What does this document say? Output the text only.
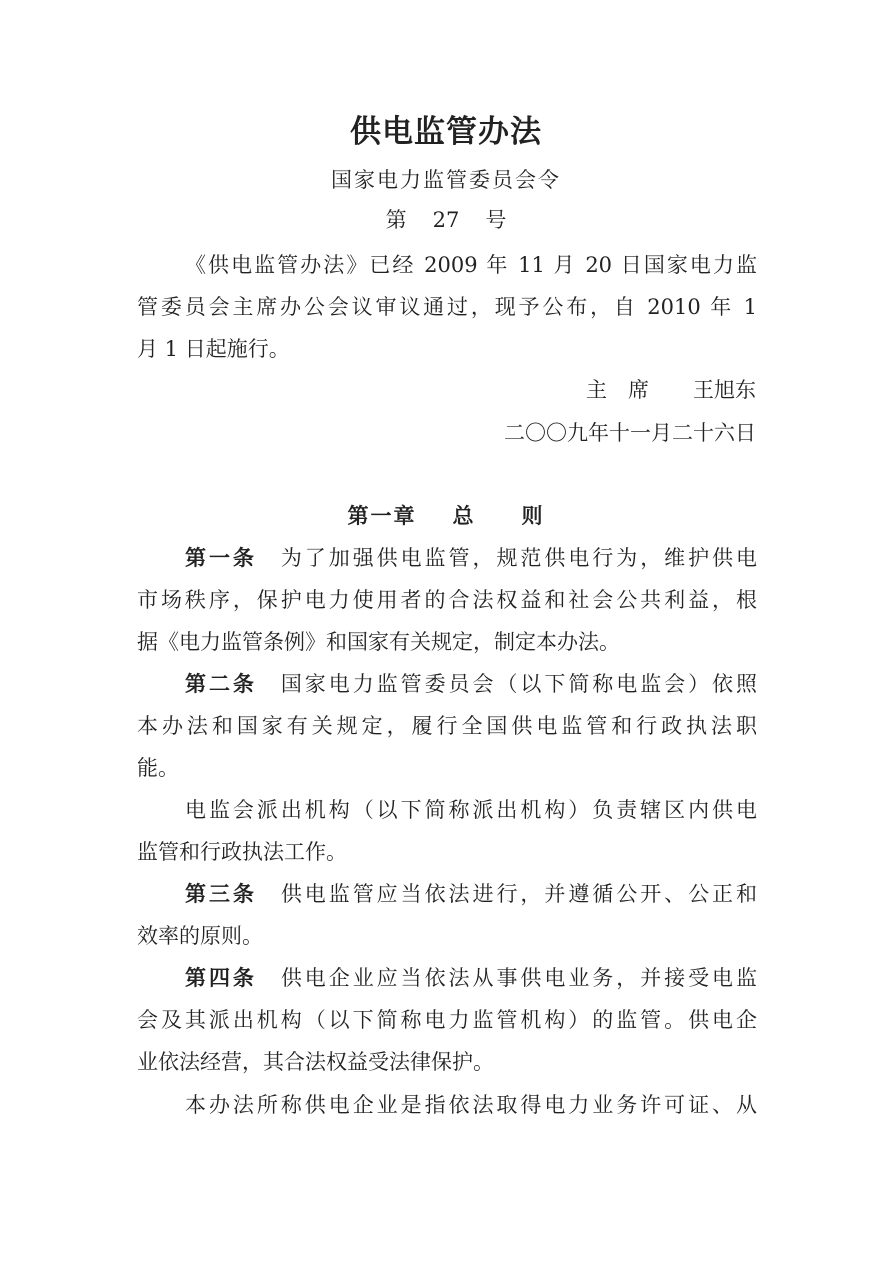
供电监管办法
国家电力监管委员会令
第 27 号
《供电监管办法》已经 2009 年 11 月 20 日国家电力监
管委员会主席办公会议审议通过，现予公布，自 2010 年 1
月 1 日起施行。
主　席 王旭东
二〇〇九年十一月二十六日
第一章 总　　则
第一条　 为了加强供电监管，规范供电行为，维护供电
市场秩序，保护电力使用者的合法权益和社会公共利益，根
据《电力监管条例》和国家有关规定，制定本办法。
第二条　 国家电力监管委员会（以下简称电监会）依照
本办法和国家有关规定，履行全国供电监管和行政执法职
能。
电监会派出机构（以下简称派出机构）负责辖区内供电
监管和行政执法工作。
第三条　 供电监管应当依法进行，并遵循公开、公正和
效率的原则。
第四条　 供电企业应当依法从事供电业务，并接受电监
会及其派出机构（以下简称电力监管机构）的监管。供电企
业依法经营，其合法权益受法律保护。
本办法所称供电企业是指依法取得电力业务许可证、从
